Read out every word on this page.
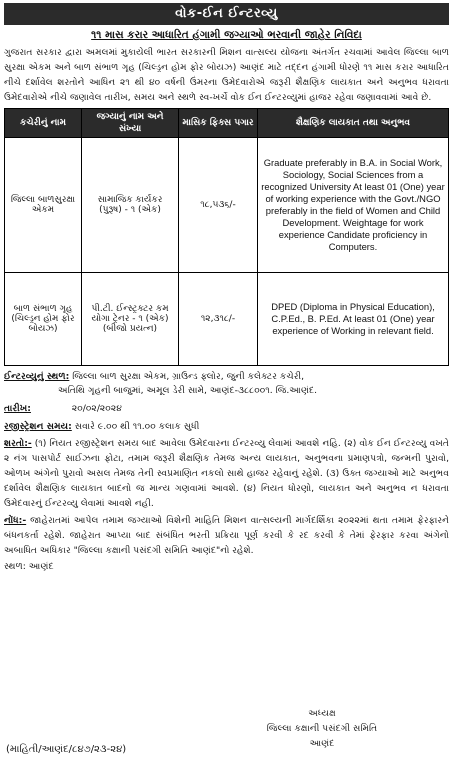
વોક-ઈન ઈન્ટરવ્યુ
૧૧ માસ કરાર આધારિત હંગામી જગ્યાઓ ભરવાની જાહેર નિવિદા
ગુજરાત સરકાર દ્વારા અમલમાં મુકાયેલી ભારત સરકારની મિશન વાત્સલ્ય યોજના અંતર્ગત રચવામાં આવેલ જિલ્લા બાળ સુરક્ષા એકમ અને બાળ સંભાળ ગૃહ (ચિલ્ડ્રન હોમ ફોર બોયઝ) આણંદ માટે તદ્દન હંગામી ધોરણે ૧૧ માસ કરાર આધારિત નીચે દર્શાવેલ શરતોને આધિન ૨૧ થી ૪૦ વર્ષની ઉંમરના ઉમેદવારોએ જરૂરી શૈક્ષણિક લાયકાત અને અનુભવ ધરાવતા ઉમેદવારોએ નીચે જણાવેલ તારીખ, સમય અને સ્થળે સ્વ-ખર્ચે વોક ઈન ઈન્ટરવ્યુમાં હાજર રહેવા જણાવવામાં આવે છે.
કચેરીનું નામ	જગ્યાનું નામ અને સંખ્યા	માસિક ફિક્સ પગાર	શૈક્ષણિક લાયકાત તથા અનુભવ
જિલ્લા બાળસુરક્ષા એકમ	સામાજિક કાર્યકર (પુરૂષ) - ૧ (એક)	૧૮,૫૩૬/-	Graduate preferably in B.A. in Social Work, Sociology, Social Sciences from a recognized University At least 01 (One) year of working experience with the Govt./NGO preferably in the field of Women and Child Development. Weightage for work experience Candidate proficiency in Computers.
બાળ સંભાળ ગૃહ (ચિલ્ડ્રન હોમ ફોર બોયઝ)	પી.ટી. ઈન્સ્ટ્રક્ટર કમ યોગા ટ્રેનર - ૧ (એક) (બીજો પ્રયત્ન)	૧૨,૩૧૮/-	DPED (Diploma in Physical Education), C.P.Ed., B. P.Ed. At least 01 (One) year experience of Working in relevant field.
ઈન્ટરવ્યુનું સ્થળ: જિલ્લા બાળ સુરક્ષા એકમ, ગ્રાઉન્ડ ફ્લોર, જુની કલેક્ટર કચેરી,
અતિથિ ગૃહની બાજુમાં, અમૂલ ડેરી સામે, આણંદ-૩૮૮૦૦૧. જિ.આણંદ.
તારીખ:	૨૦/૦૨/૨૦૨૪
રજીસ્ટ્રેશન સમય: સવારે ૯.૦૦ થી ૧૧.૦૦ કલાક સુધી
શરતો:- (૧) નિયત રજીસ્ટ્રેશન સમય બાદ આવેલા ઉમેદવારના ઈન્ટરવ્યુ લેવામાં આવશે નહિ. (૨) વોક ઈન ઈન્ટરવ્યુ વખતે ૨ નંગ પાસપોર્ટ સાઈઝના ફોટા, તમામ જરૂરી શૈક્ષણિક તેમજ અન્ય લાયકાત, અનુભવના પ્રમાણપત્રો, જન્મની પુરાવો, ઓળખ અંગેનો પુરાવો અસલ તેમજ તેની સ્વપ્રમાણિત નકલો સાથે હાજર રહેવાનું રહેશે. (૩) ઉક્ત જગ્યાઓ માટે અનુભવ દર્શાવેલ શૈક્ષણિક લાયકાત બાદનો જ માન્ય ગણવામાં આવશે. (૪) નિયત ધોરણો, લાયકાત અને અનુભવ ન ધરાવતા ઉમેદવારનું ઈન્ટરવ્યુ લેવામાં આવશે નહી.
નોંધ:- જાહેરાતમાં આપેલ તમામ જગ્યાઓ વિશેની માહિતિ મિશન વાત્સલ્યની માર્ગદર્શિકા ૨૦૨૨માં થતા તમામ ફેરફારને બંધનકર્તા રહેશે. જાહેરાત આપ્યા બાદ સંબંધિત ભરતી પ્રક્રિયા પૂર્ણ કરવી કે રદ કરવી કે તેમાં ફેરફાર કરવા અંગેનો અબાધિત અધિકાર "જિલ્લા કક્ષાની પસંદગી સમિતિ આણંદ"નો રહેશે.
સ્થળ: આણંદ
અધ્યક્ષ
જિલ્લા કક્ષાની પસંદગી સમિતિ
આણંદ
(માહિતી/આણંદ/૮૪૭/૨૩-૨૪)
